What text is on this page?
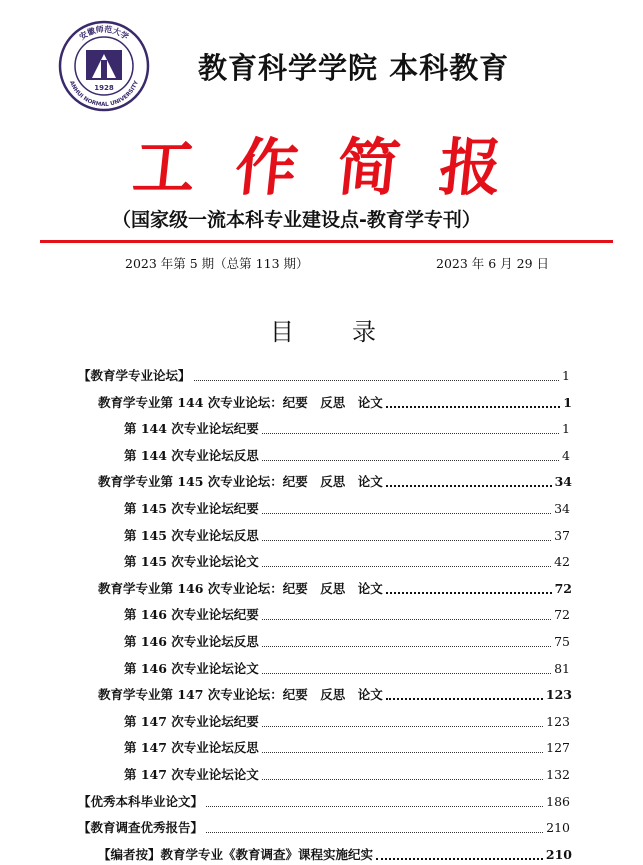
安徽师范大学
ANHUI NORMAL UNIVERSITY
1928
教育科学学院 本科教育
工作简报
（国家级一流本科专业建设点-教育学专刊）
2023 年第 5 期（总第 113 期）	2023 年 6 月 29 日
目录
【教育学专业论坛】	1
教育学专业第 144 次专业论坛：纪要　反思　论文	1
第 144 次专业论坛纪要	1
第 144 次专业论坛反思	4
教育学专业第 145 次专业论坛：纪要　反思　论文	34
第 145 次专业论坛纪要	34
第 145 次专业论坛反思	37
第 145 次专业论坛论文	42
教育学专业第 146 次专业论坛：纪要　反思　论文	72
第 146 次专业论坛纪要	72
第 146 次专业论坛反思	75
第 146 次专业论坛论文	81
教育学专业第 147 次专业论坛：纪要　反思　论文	123
第 147 次专业论坛纪要	123
第 147 次专业论坛反思	127
第 147 次专业论坛论文	132
【优秀本科毕业论文】	186
【教育调查优秀报告】	210
【编者按】教育学专业《教育调查》课程实施纪实	210
